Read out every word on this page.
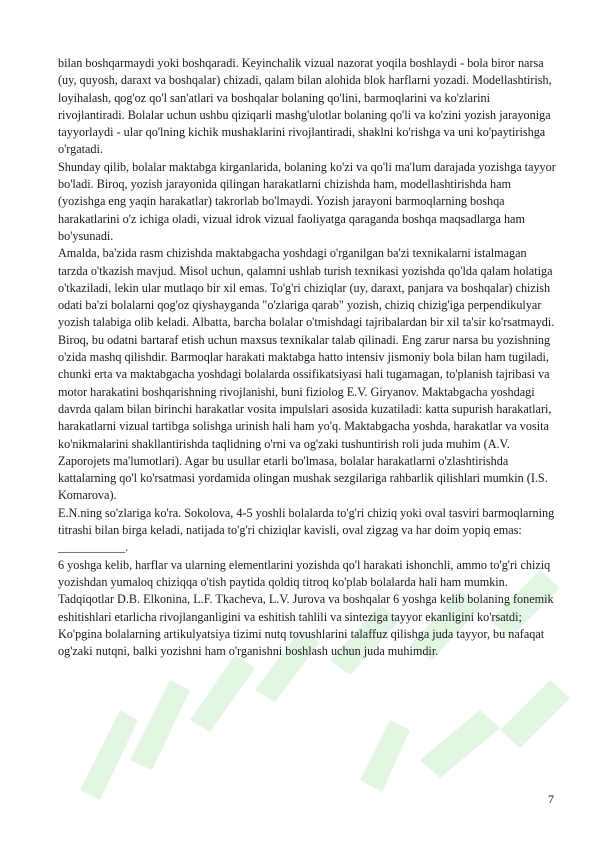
bilan boshqarmaydi yoki boshqaradi. Keyinchalik vizual nazorat yoqila boshlaydi - bola biror narsa (uy, quyosh, daraxt va boshqalar) chizadi, qalam bilan alohida blok harflarni yozadi. Modellashtirish, loyihalash, qog'oz qo'l san'atlari va boshqalar bolaning qo'lini, barmoqlarini va ko'zlarini rivojlantiradi. Bolalar uchun ushbu qiziqarli mashg'ulotlar bolaning qo'li va ko'zini yozish jarayoniga tayyorlaydi - ular qo'lning kichik mushaklarini rivojlantiradi, shaklni ko'rishga va uni ko'paytirishga o'rgatadi.

Shunday qilib, bolalar maktabga kirganlarida, bolaning ko'zi va qo'li ma'lum darajada yozishga tayyor bo'ladi. Biroq, yozish jarayonida qilingan harakatlarni chizishda ham, modellashtirishda ham (yozishga eng yaqin harakatlar) takrorlab bo'lmaydi. Yozish jarayoni barmoqlarning boshqa harakatlarini o'z ichiga oladi, vizual idrok vizual faoliyatga qaraganda boshqa maqsadlarga ham bo'ysunadi.

Amalda, ba'zida rasm chizishda maktabgacha yoshdagi o'rganilgan ba'zi texnikalarni istalmagan tarzda o'tkazish mavjud. Misol uchun, qalamni ushlab turish texnikasi yozishda qo'lda qalam holatiga o'tkaziladi, lekin ular mutlaqo bir xil emas. To'g'ri chiziqlar (uy, daraxt, panjara va boshqalar) chizish odati ba'zi bolalarni qog'oz qiyshayganda "o'zlariga qarab" yozish, chiziq chizig'iga perpendikulyar yozish talabiga olib keladi. Albatta, barcha bolalar o'tmishdagi tajribalardan bir xil ta'sir ko'rsatmaydi. Biroq, bu odatni bartaraf etish uchun maxsus texnikalar talab qilinadi. Eng zarur narsa bu yozishning o'zida mashq qilishdir. Barmoqlar harakati maktabga hatto intensiv jismoniy bola bilan ham tugiladi, chunki erta va maktabgacha yoshdagi bolalarda ossifikatsiyasi hali tugamagan, to'planish tajribasi va motor harakatini boshqarishning rivojlanishi, buni fiziolog E.V. Giryanov. Maktabgacha yoshdagi davrda qalam bilan birinchi harakatlar vosita impulslari asosida kuzatiladi: katta supurish harakatlari, harakatlarni vizual tartibga solishga urinish hali ham yo'q. Maktabgacha yoshda, harakatlar va vosita ko'nikmalarini shakllantirishda taqlidning o'rni va og'zaki tushuntirish roli juda muhim (A.V. Zaporojets ma'lumotlari). Agar bu usullar etarli bo'lmasa, bolalar harakatlarni o'zlashtirishda kattalarning qo'l ko'rsatmasi yordamida olingan mushak sezgilariga rahbarlik qilishlari mumkin (I.S. Komarova).

E.N.ning so'zlariga ko'ra. Sokolova, 4-5 yoshli bolalarda to'g'ri chiziq yoki oval tasviri barmoqlarning titrashi bilan birga keladi, natijada to'g'ri chiziqlar kavisli, oval zigzag va har doim yopiq emas: ___________.

6 yoshga kelib, harflar va ularning elementlarini yozishda qo'l harakati ishonchli, ammo to'g'ri chiziq yozishdan yumaloq chiziqqa o'tish paytida qoldiq titroq ko'plab bolalarda hali ham mumkin.

Tadqiqotlar D.B. Elkonina, L.F. Tkacheva, L.V. Jurova va boshqalar 6 yoshga kelib bolaning fonemik eshitishlari etarlicha rivojlanganligini va eshitish tahlili va sinteziga tayyor ekanligini ko'rsatdi; Ko'pgina bolalarning artikulyatsiya tizimi nutq tovushlarini talaffuz qilishga juda tayyor, bu nafaqat og'zaki nutqni, balki yozishni ham o'rganishni boshlash uchun juda muhimdir.

7
